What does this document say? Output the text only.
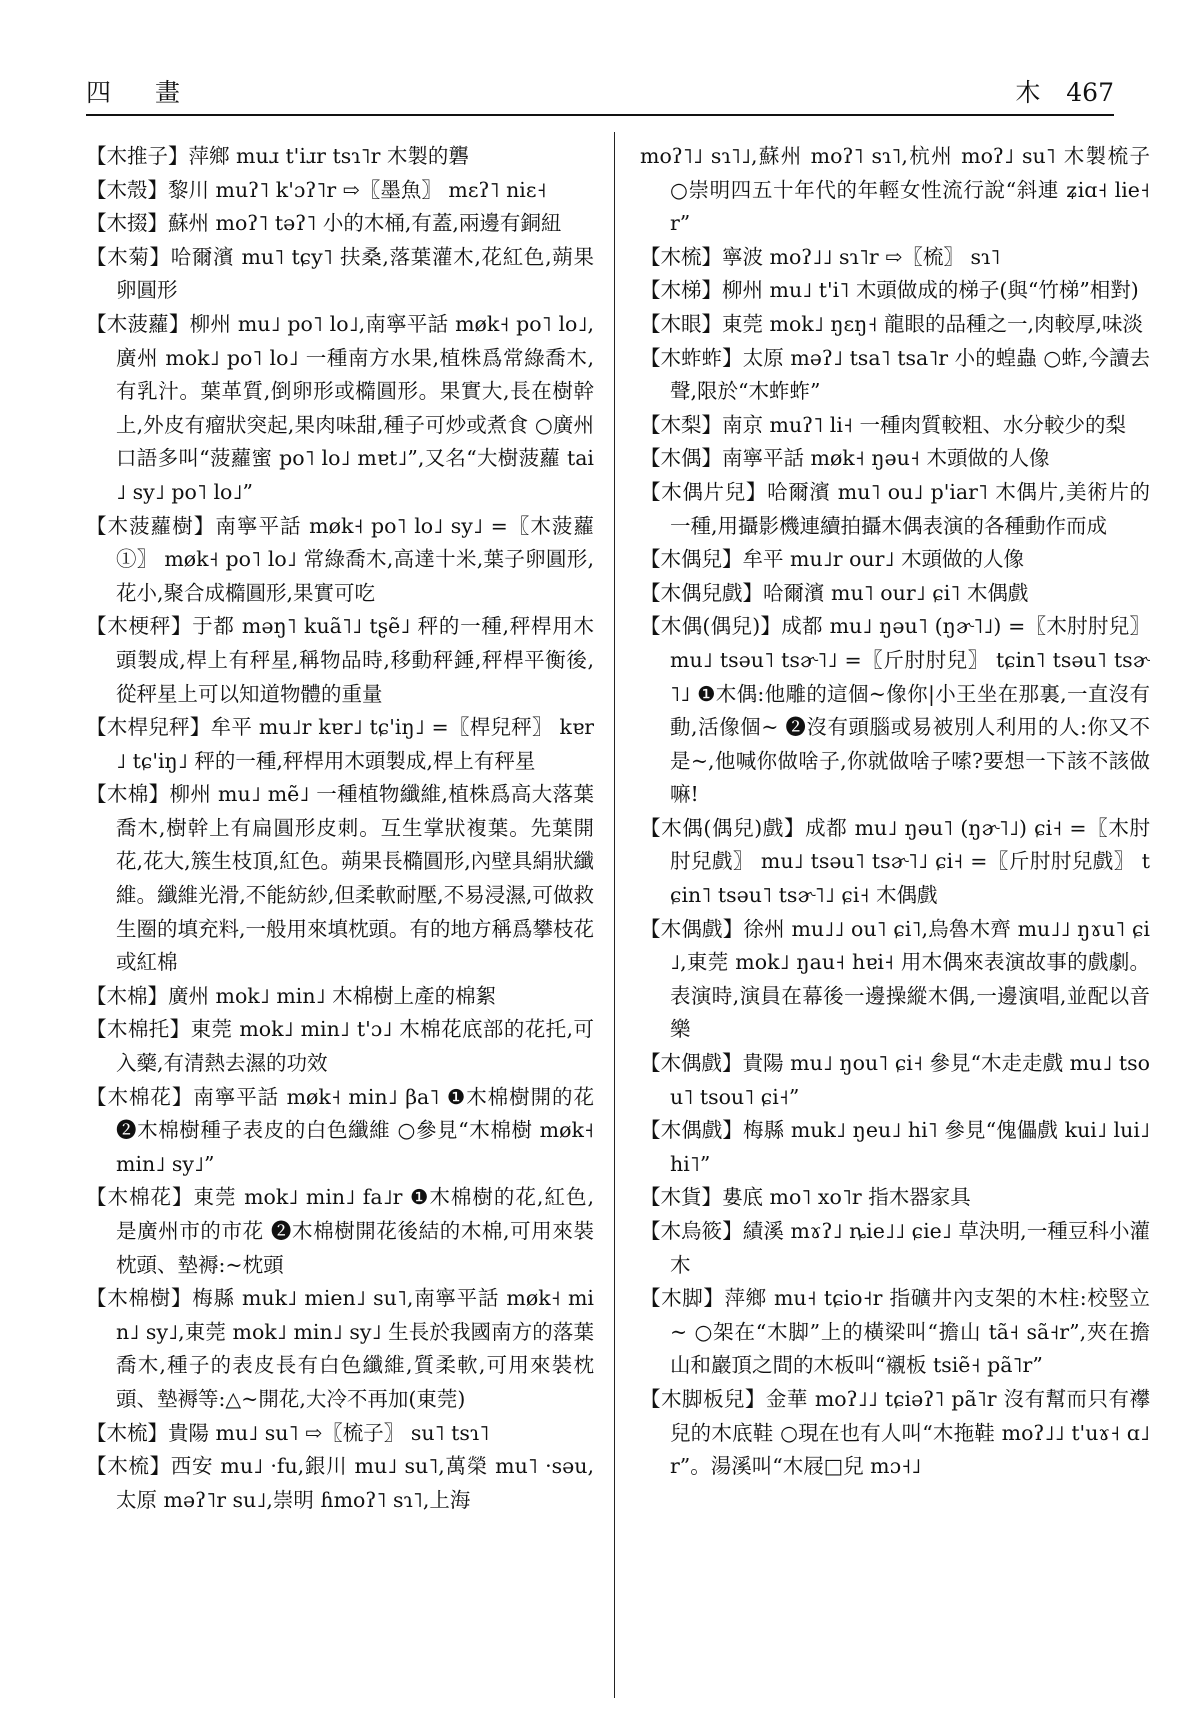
四 畫	木 467
【木推子】萍鄉 muɹ t'iɹr tsɿ˥r 木製的礱
【木殼】黎川 muʔ˥ k'ɔʔ˥r ⇨〖墨魚〗 mɛʔ˥ niɛ˧
【木掇】蘇州 moʔ˥ təʔ˥ 小的木桶,有蓋,兩邊有銅紐
【木菊】哈爾濱 mu˥ tɕy˥ 扶桑,落葉灌木,花紅色,蒴果卵圓形
【木菠蘿】柳州 mu˩ po˥ lo˩,南寧平話 møk˧ po˥ lo˩,廣州 mok˩ po˥ lo˩ 一種南方水果,植株爲常綠喬木,有乳汁。葉革質,倒卵形或橢圓形。果實大,長在樹幹上,外皮有瘤狀突起,果肉味甜,種子可炒或煮食 ○廣州口語多叫“菠蘿蜜 po˥ lo˩ mɐt˩”,又名“大樹菠蘿 tai˩ sy˩ po˥ lo˩”
【木菠蘿樹】南寧平話 møk˧ po˥ lo˩ sy˩ =〖木菠蘿①〗 møk˧ po˥ lo˩ 常綠喬木,高達十米,葉子卵圓形,花小,聚合成橢圓形,果實可吃
【木梗秤】于都 məŋ˥ kuã˥˩ tʂẽ˩ 秤的一種,秤桿用木頭製成,桿上有秤星,稱物品時,移動秤錘,秤桿平衡後,從秤星上可以知道物體的重量
【木桿兒秤】牟平 mu˩r kɐr˩ tɕ'iŋ˩ =〖桿兒秤〗 kɐr˩ tɕ'iŋ˩ 秤的一種,秤桿用木頭製成,桿上有秤星
【木棉】柳州 mu˩ mẽ˩ 一種植物纖維,植株爲高大落葉喬木,樹幹上有扁圓形皮刺。互生掌狀複葉。先葉開花,花大,簇生枝頂,紅色。蒴果長橢圓形,內壁具絹狀纖維。纖維光滑,不能紡紗,但柔軟耐壓,不易浸濕,可做救生圈的填充料,一般用來填枕頭。有的地方稱爲攀枝花或紅棉
【木棉】廣州 mok˩ min˩ 木棉樹上產的棉絮
【木棉托】東莞 mok˩ min˩ t'ɔ˩ 木棉花底部的花托,可入藥,有清熱去濕的功效
【木棉花】南寧平話 møk˧ min˩ βa˥ ❶木棉樹開的花 ❷木棉樹種子表皮的白色纖維 ○參見“木棉樹 møk˧ min˩ sy˩”
【木棉花】東莞 mok˩ min˩ fa˩r ❶木棉樹的花,紅色,是廣州市的市花 ❷木棉樹開花後結的木棉,可用來裝枕頭、墊褥:~枕頭
【木棉樹】梅縣 muk˩ mien˩ su˥,南寧平話 møk˧ min˩ sy˩,東莞 mok˩ min˩ sy˩ 生長於我國南方的落葉喬木,種子的表皮長有白色纖維,質柔軟,可用來裝枕頭、墊褥等:△~開花,大冷不再加(東莞)
【木梳】貴陽 mu˩ su˥ ⇨〖梳子〗 su˥ tsɿ˥
【木梳】西安 mu˩ ·fu,銀川 mu˩ su˥,萬榮 mu˥ ·səu,太原 məʔ˥r su˩,崇明 ɦmoʔ˥ sɿ˥,上海
moʔ˥˩ sɿ˥˩,蘇州 moʔ˥ sɿ˥,杭州 moʔ˩ su˥ 木製梳子 ○崇明四五十年代的年輕女性流行說“斜連 ʑiɑ˧ lie˧r”
【木梳】寧波 moʔ˩˩ sɿ˥r ⇨〖梳〗 sɿ˥
【木梯】柳州 mu˩ t'i˥ 木頭做成的梯子(與“竹梯”相對)
【木眼】東莞 mok˩ ŋɛŋ˧ 龍眼的品種之一,肉較厚,味淡
【木蚱蚱】太原 məʔ˩ tsa˥ tsa˥r 小的蝗蟲 ○蚱,今讀去聲,限於“木蚱蚱”
【木梨】南京 muʔ˥ li˧ 一種肉質較粗、水分較少的梨
【木偶】南寧平話 møk˧ ŋəu˧ 木頭做的人像
【木偶片兒】哈爾濱 mu˥ ou˩ p'iar˥ 木偶片,美術片的一種,用攝影機連續拍攝木偶表演的各種動作而成
【木偶兒】牟平 mu˩r our˩ 木頭做的人像
【木偶兒戲】哈爾濱 mu˥ our˩ ɕi˥ 木偶戲
【木偶(偶兒)】成都 mu˩ ŋəu˥ (ŋɚ˥˩) =〖木肘肘兒〗 mu˩ tsəu˥ tsɚ˥˩ =〖斤肘肘兒〗 tɕin˥ tsəu˥ tsɚ˥˩ ❶木偶:他雕的這個~像你|小王坐在那裏,一直沒有動,活像個~ ❷沒有頭腦或易被別人利用的人:你又不是~,他喊你做啥子,你就做啥子嗦?要想一下該不該做嘛!
【木偶(偶兒)戲】成都 mu˩ ŋəu˥ (ŋɚ˥˩) ɕi˧ =〖木肘肘兒戲〗 mu˩ tsəu˥ tsɚ˥˩ ɕi˧ =〖斤肘肘兒戲〗 tɕin˥ tsəu˥ tsɚ˥˩ ɕi˧ 木偶戲
【木偶戲】徐州 mu˩˩ ou˥ ɕi˥,烏魯木齊 mu˩˩ ŋɤu˥ ɕi˩,東莞 mok˩ ŋau˧ hɐi˧ 用木偶來表演故事的戲劇。表演時,演員在幕後一邊操縱木偶,一邊演唱,並配以音樂
【木偶戲】貴陽 mu˩ ŋou˥ ɕi˧ 參見“木走走戲 mu˩ tsou˥ tsou˥ ɕi˧”
【木偶戲】梅縣 muk˩ ŋeu˩ hi˥ 參見“傀儡戲 kui˩ lui˩ hi˥”
【木貨】婁底 mo˥ xo˥r 指木器家具
【木烏筱】績溪 mɤʔ˩ ȵie˩˩ ɕie˩ 草決明,一種豆科小灌木
【木脚】萍鄉 mu˧ tɕio˧r 指礦井內支架的木柱:校竪立~ ○架在“木脚”上的橫梁叫“擔山 tã˧ sã˧r”,夾在擔山和巖頂之間的木板叫“襯板 tsiẽ˧ pã˥r”
【木脚板兒】金華 moʔ˩˩ tɕiəʔ˥ pã˥r 沒有幫而只有襻兒的木底鞋 ○現在也有人叫“木拖鞋 moʔ˩˩ t'uɤ˧ ɑ˩r”。湯溪叫“木屐□兒 mɔ˧˩
